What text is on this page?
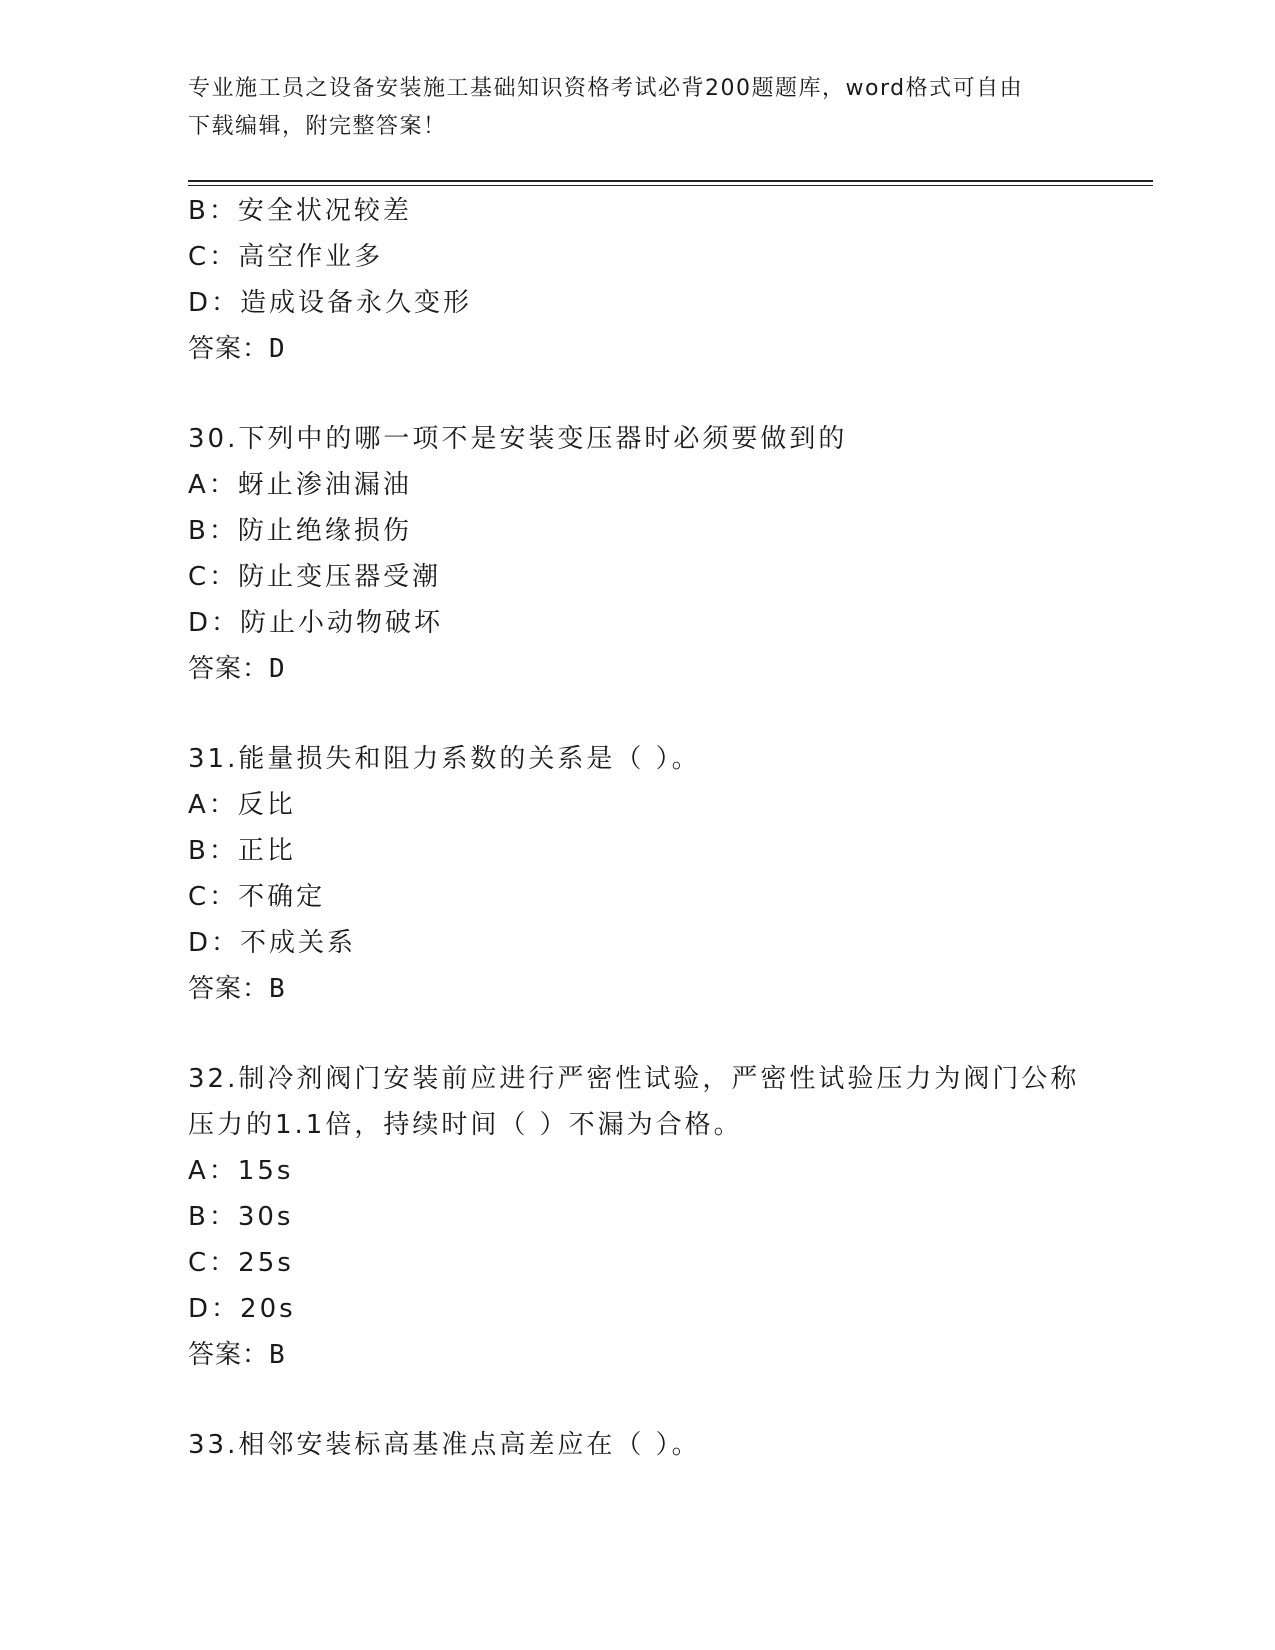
专业施工员之设备安装施工基础知识资格考试必背200题题库，word格式可自由
下载编辑，附完整答案！
B：安全状况较差
C：高空作业多
D：造成设备永久变形
答案：D
30.下列中的哪一项不是安装变压器时必须要做到的
A：蚜止渗油漏油
B：防止绝缘损伤
C：防止变压器受潮
D：防止小动物破坏
答案：D
31.能量损失和阻力系数的关系是（ ）。
A：反比
B：正比
C：不确定
D：不成关系
答案：B
32.制冷剂阀门安装前应进行严密性试验，严密性试验压力为阀门公称
压力的1.1倍，持续时间（ ）不漏为合格。
A：15s
B：30s
C：25s
D：20s
答案：B
33.相邻安装标高基准点高差应在（ ）。
